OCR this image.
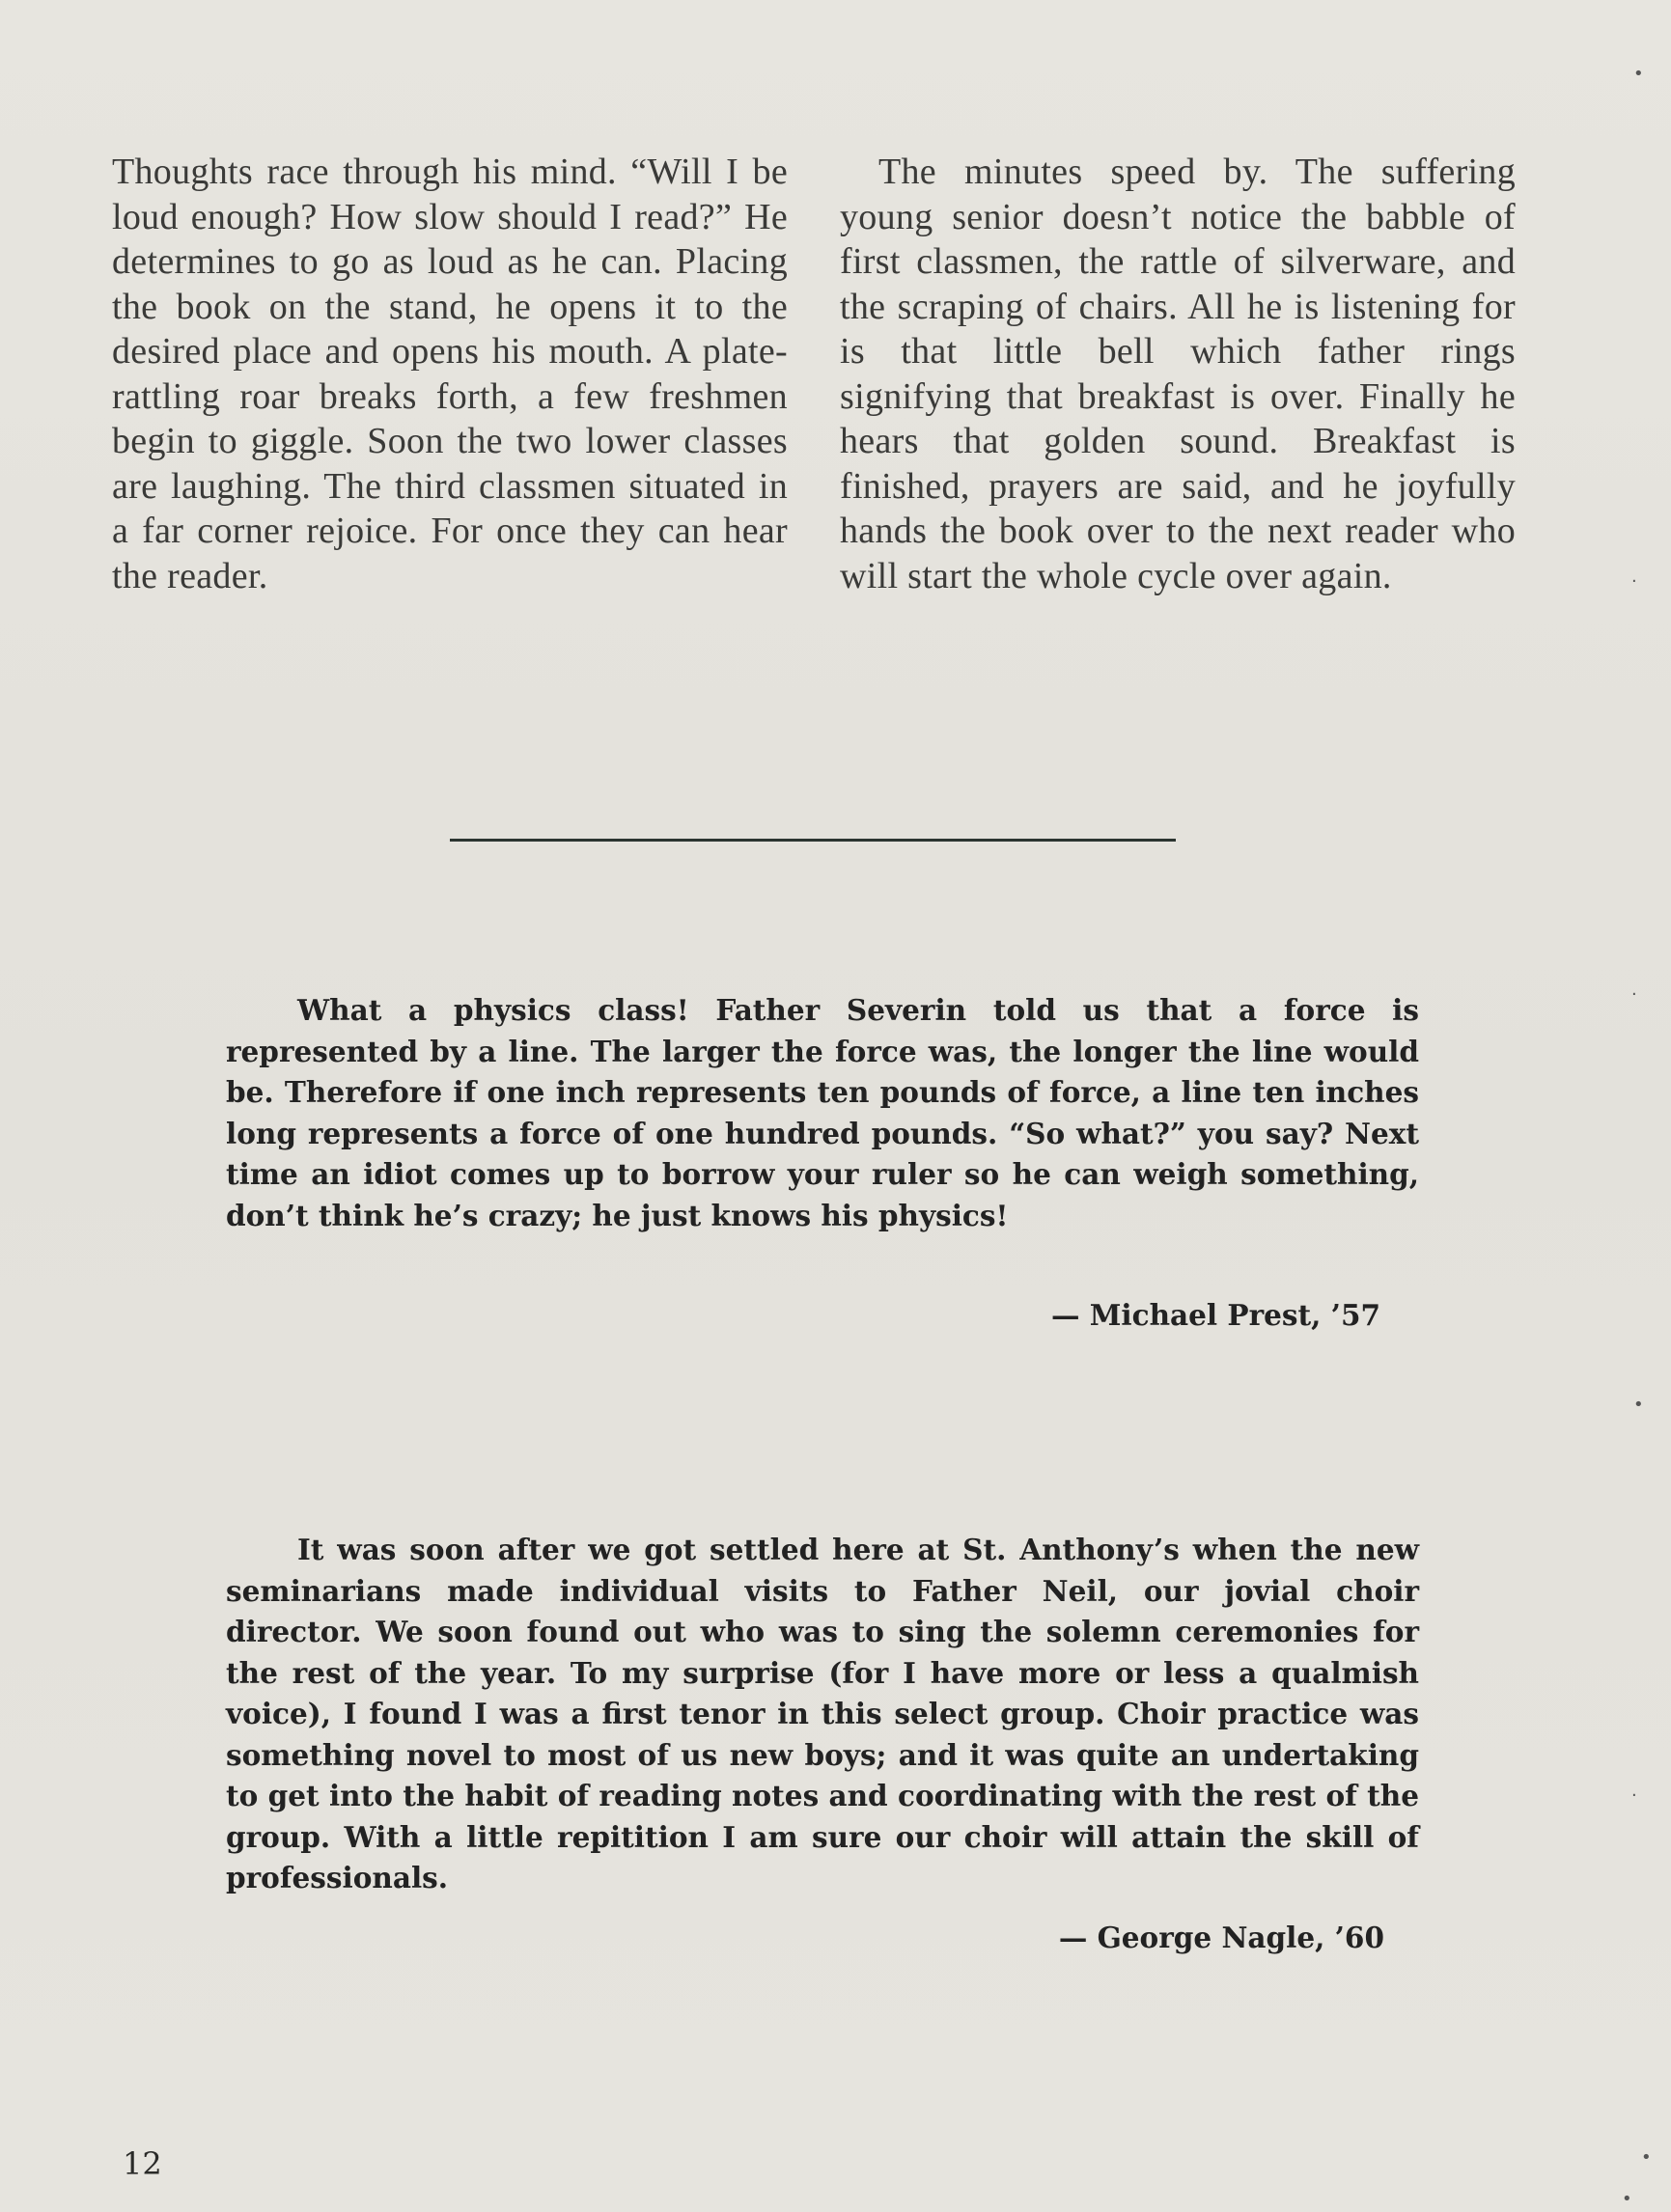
Thoughts race through his mind. “Will I be loud enough? How slow should I read?” He determines to go as loud as he can. Placing the book on the stand, he opens it to the desired place and opens his mouth. A plate-rattling roar breaks forth, a few freshmen begin to giggle. Soon the two lower classes are laughing. The third classmen situated in a far corner rejoice. For once they can hear the reader.

The minutes speed by. The suffering young senior doesn’t notice the babble of first classmen, the rattle of silverware, and the scraping of chairs. All he is listening for is that little bell which father rings signifying that breakfast is over. Finally he hears that golden sound. Breakfast is finished, prayers are said, and he joyfully hands the book over to the next reader who will start the whole cycle over again.

What a physics class! Father Severin told us that a force is represented by a line. The larger the force was, the longer the line would be. Therefore if one inch represents ten pounds of force, a line ten inches long represents a force of one hundred pounds. “So what?” you say? Next time an idiot comes up to borrow your ruler so he can weigh something, don’t think he’s crazy; he just knows his physics!

— Michael Prest, ’57

It was soon after we got settled here at St. Anthony’s when the new seminarians made individual visits to Father Neil, our jovial choir director. We soon found out who was to sing the solemn ceremonies for the rest of the year. To my surprise (for I have more or less a qualmish voice), I found I was a first tenor in this select group. Choir practice was something novel to most of us new boys; and it was quite an undertaking to get into the habit of reading notes and coordinating with the rest of the group. With a little repitition I am sure our choir will attain the skill of professionals.

— George Nagle, ’60
12
•
·
·
•
·
•
•
